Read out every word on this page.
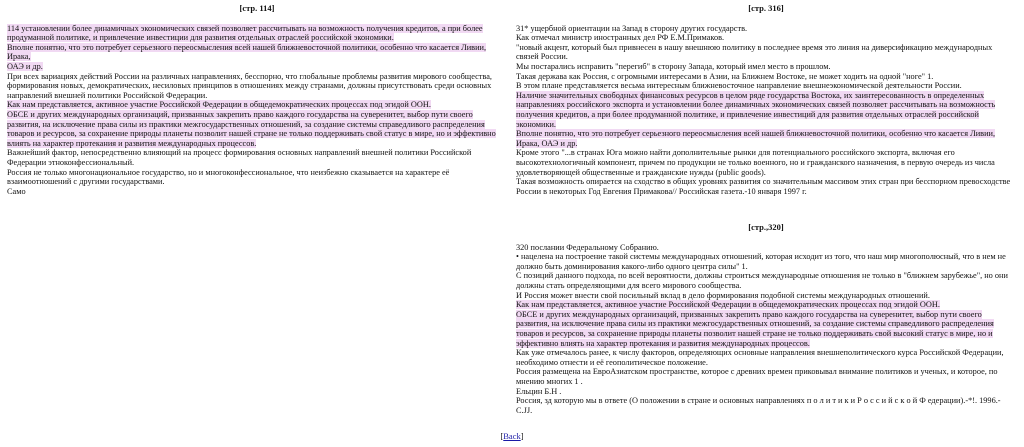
[стр. 114]

114 установлении более динамичных экономических связей позволяет рассчитывать на возможность получения кредитов, а при более продуманной политике, и привлечение инвестиции для развития отдельных отраслей российской экономики.

Вполне понятно, что это потребует серьезного переосмысления всей нашей ближневосточной политики, особенно что касается Ливии, Ирака,

ОАЭ и др.

При всех вариациях действий России на различных направлениях, бесспорно, что глобальные проблемы развития мирового сообщества, формирования новых, демократических, несиловых принципов в отношениях между странами, должны присутствовать среди основных направлений внешней политики Российской Федерации.

Как нам представляется, активное участие Российской Федерации в общедемократических процессах под эгидой ООН.

ОБСЕ и других международных организаций, призванных закрепить право каждого государства на суверенитет, выбор пути своего развития, на исключение права силы из практики межгосударственных отношений, за создание системы справедливого распределения товаров и ресурсов, за сохранение природы планеты позволит нашей стране не только поддерживать свой статус в мире, но и эффективно влиять на характер протекания и развития международных процессов.

Важнейший фактор, непосредственно влияющий на процесс формирования основных направлений внешней политики Российской Федерации этноконфессиональный.

Россия не только многонациональное государство, но и многоконфессиональное, что неизбежно сказывается на характере её взаимоотношений с другими государствами.

Само

[стр. 316]

31* ущербной ориентации на Запад в сторону других государств.

Как отмечал министр иностранных дел РФ Е.М.Примаков.

"новый акцент, который был привнесен в нашу внешнюю политику в последнее время это линия на диверсификацию международных связей России.

Мы постарались исправить "перегиб" в сторону Запада, который имел место в прошлом.

Такая держава как Россия, с огромными интересами в Азии, на Ближнем Востоке, не может ходить на одной "ноге" 1.

В этом плане представляется весьма интересным ближневосточное направление внешнеэкономической деятельности России.

Наличие значительных свободных финансовых ресурсов в целом ряде государства Востока, их заинтересованность в определенных направлениях российского экспорта и установлении более динамичных экономических связей позволяет рассчитывать на возможность получения кредитов, а при более продуманной политике, и привлечение инвестиций для развития отдельных отраслей российской экономики.

Вполне понятно, что это потребует серьезного переосмысления всей нашей ближневосточной политики, особенно что касается Ливии, Ирака, ОАЭ и др.

Кроме этого "...в странах Юга можно найти дополнительные рынки для потенциального российского экспорта, включая его высокотехнологичный компонент, причем по продукции не только военного, но и гражданского назначения, в первую очередь из числа удовлетворяющей общественные и гражданские нужды (public goods).

Такая возможность опирается на сходство в общих уровнях развития со значительным массивом этих стран при бесспорном превосходстве России в некоторых Год Евгения Примакова// Российская газета.-10 января 1997 г.

[стр.,320]

320 послании Федеральному Собранию.

• нацелена на построение такой системы международных отношений, которая исходит из того, что наш мир многополюсный, что в нем не должно быть доминирования какого-либо одного центра силы" 1.

С позиций данного подхода, по всей вероятности, должны строиться международные отношения не только в "ближнем зарубежье", но они должны стать определяющими для всего мирового сообщества.

И Россия может внести свой посильный вклад в дело формирования подобной системы международных отношений.

Как нам представляется, активное участие Российской Федерации в общедемократических процессах под эгидой ООН.

ОБСЕ и других международных организаций, призванных закрепить право каждого государства на суверенитет, выбор пути своего развития, на исключение права силы из практики межгосударственных отношений, за создание системы справедливого распределения товаров и ресурсов, за сохранение природы планеты позволит нашей стране не только поддерживать свой высокий статус в мире, но и эффективно влиять на характер протекания и развития международных процессов.

Как уже отмечалось ранее, к числу факторов, определяющих основные направления внешнеполитического курса Российской Федерации, необходимо отнести и её геополитическое положение.

Россия размещена на ЕвроАзиатском пространстве, которое с древних времен приковывал внимание политиков и ученых, и которое, по мнению многих 1 .

Ельцин Б.Н .

Россия, зд которую мы в ответе (О положении в стране и основных направлениях п о л и т и к и Р о с с и й с к о й Ф едерации).-*!. 1996.-С.JJ.

[Back]
